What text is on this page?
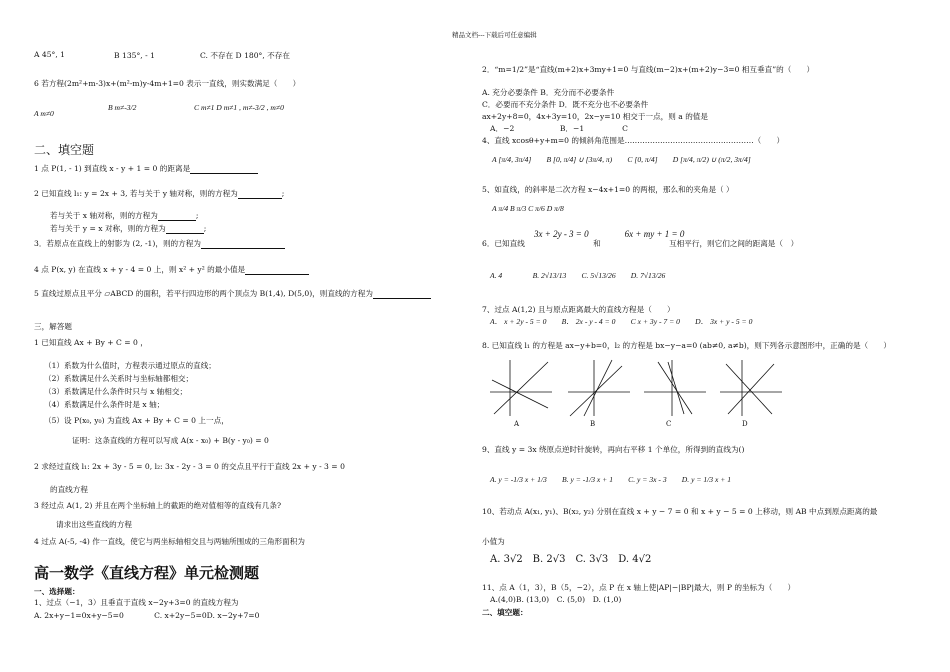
精品文档---下载后可任意编辑
A 45°, 1	B 135°, - 1	C. 不存在 D 180°, 不存在
6 若方程(2m²+m-3)x+(m²-m)y-4m+1=0 表示一直线，则实数满足（　　）
A m≠0
B m≠-3/2	C m≠1 D m≠1 , m≠-3/2 , m≠0
二、填空题
1 点 P(1, - 1) 到直线 x - y + 1 = 0 的距离是
2 已知直线 l₁: y = 2x + 3, 若与关于 y 轴对称，则的方程为	;
若与关于 x 轴对称，则的方程为	;
若与关于 y = x 对称，则的方程为	;
3．若原点在直线上的射影为 (2, -1)，则的方程为
4 点 P(x, y) 在直线 x + y - 4 = 0 上，则 x² + y² 的最小值是
5 直线过原点且平分 ▱ABCD 的面积，若平行四边形的两个顶点为 B(1,4), D(5,0)，则直线的方程为
三，解答题
1 已知直线 Ax + By + C = 0 ，
（1）系数为什么值时，方程表示通过原点的直线；
（2）系数满足什么关系时与坐标轴都相交；
（3）系数满足什么条件时只与 x 轴相交；
（4）系数满足什么条件时是 x 轴；
（5）设 P(x₀, y₀) 为直线 Ax + By + C = 0 上一点，
证明：这条直线的方程可以写成 A(x - x₀) + B(y - y₀) = 0
2 求经过直线 l₁: 2x + 3y - 5 = 0, l₂: 3x - 2y - 3 = 0 的交点且平行于直线 2x + y - 3 = 0
的直线方程
3 经过点 A(1, 2) 并且在两个坐标轴上的截距的绝对值相等的直线有几条?
请求出这些直线的方程
4 过点 A(-5, -4) 作一直线，使它与两坐标轴相交且与两轴所围成的三角形面积为
高一数学《直线方程》单元检测题
一、选择题：
1、过点（−1，3）且垂直于直线 x−2y+3=0 的直线方程为
A. 2x+y−1=0x+y−5=0　　　　C. x+2y−5=0D. x−2y+7=0
2．“m=1/2”是“直线(m+2)x+3my+1=0 与直线(m−2)x+(m+2)y−3=0 相互垂直”的（　　）
A. 充分必要条件 B．充分而不必要条件
C．必要而不充分条件 D．既不充分也不必要条件
ax+2y+8=0，4x+3y=10，2x−y=10 相交于一点，则 a 的值是
A．−2　　　　　　B．−1　　　　　C
4、直线 xcosθ+y+m=0 的倾斜角范围是……………………………………………（　　）
A [π/4, 3π/4]　　B [0, π/4] ∪ [3π/4, π)　　C [0, π/4]　　D [π/4, π/2) ∪ (π/2, 3π/4]
5、如直线，的斜率是二次方程 x−4x+1=0 的两根，那么和的夹角是（ ）
A π/4 B π/3 C π/6 D π/8
3x + 2y - 3 = 0　　　　6x + my + 1 = 0
6．已知直线　　　　　　　　　和　　　　　　　　　互相平行，则它们之间的距离是（　）
A. 4　　　　B. 2√13/13　　C. 5√13/26　　D. 7√13/26
7、过点 A(1,2) 且与原点距离最大的直线方程是（　　）
A． x + 2y - 5 = 0　　B． 2x - y - 4 = 0　　C x + 3y - 7 = 0　　D． 3x + y - 5 = 0
8. 已知直线 l₁ 的方程是 ax−y+b=0，l₂ 的方程是 bx−y−a=0 (ab≠0, a≠b)，则下列各示意图形中，正确的是（　　）
A	B	C	D
9、直线 y = 3x 绕原点逆时针旋转，再向右平移 1 个单位，所得到的直线为()
A. y = -1/3 x + 1/3　　B. y = -1/3 x + 1　　C. y = 3x - 3　　D. y = 1/3 x + 1
10、若动点 A(x₁, y₁)、B(x₂, y₂) 分别在直线 x + y − 7 = 0 和 x + y − 5 = 0 上移动，则 AB 中点到原点距离的最
小值为
A. 3√2　B. 2√3　C. 3√3　D. 4√2
11、点 A（1，3），B（5，−2），点 P 在 x 轴上使|AP|−|BP|最大，则 P 的坐标为（　　）
A.(4,0)B. (13,0)　C. (5,0)　D. (1,0)
二、填空题：
